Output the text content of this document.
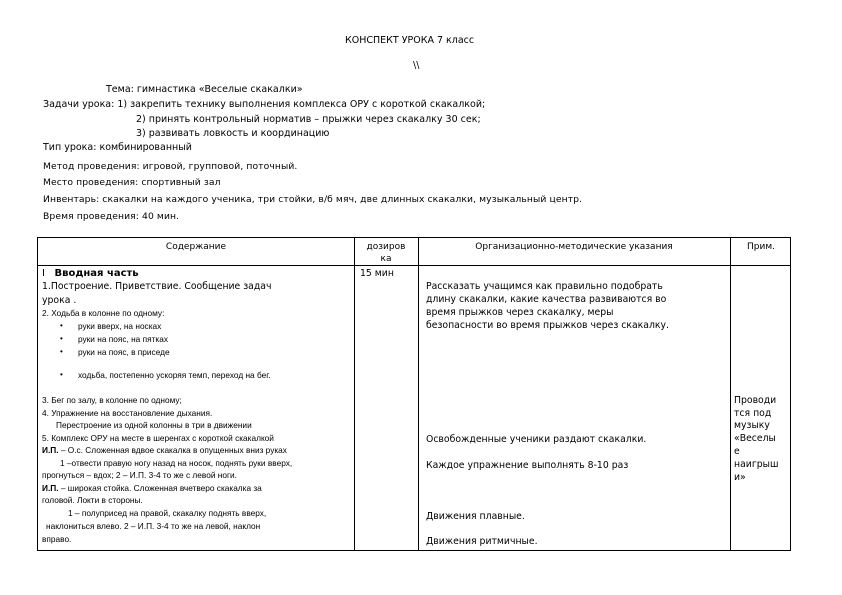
КОНСПЕКТ УРОКА 7 класс
\\
Тема: гимнастика «Веселые скакалки»
Задачи урока: 1) закрепить технику выполнения комплекса ОРУ с короткой скакалкой;
2) принять контрольный норматив – прыжки через скакалку 30 сек;
3) развивать ловкость и координацию
Тип урока: комбинированный
Метод проведения: игровой, групповой, поточный.
Место проведения: спортивный зал
Инвентарь: скакалки на каждого ученика, три стойки, в/б мяч, две длинных скакалки, музыкальный центр.
Время проведения: 40 мин.
Содержание	дозиров
ка
Организационно-методические указания	Прим.
I Вводная часть
1.Построение. Приветствие. Сообщение задач
урока .
2. Ходьба в колонне по одному:
• руки вверх, на носках
• руки на пояс, на пятках
• руки на пояс, в приседе
• ходьба, постепенно ускоряя темп, переход на бег.
3. Бег по залу, в колонне по одному;
4. Упражнение на восстановление дыхания.
Перестроение из одной колонны в три в движении
5. Комплекс ОРУ на месте в шеренгах с короткой скакалкой
И.П. – О.с. Сложенная вдвое скакалка в опущенных вниз руках
1 –отвести правую ногу назад на носок, поднять руки вверх,
прогнуться – вдох; 2 – И.П. 3-4 то же с левой ноги.
И.П. – широкая стойка. Сложенная вчетверо скакалка за
головой. Локти в стороны.
1 – полуприсед на правой, скакалку поднять вверх,
наклониться влево. 2 – И.П. 3-4 то же на левой, наклон
вправо.
15 мин
Рассказать учащимся как правильно подобрать
длину скакалки, какие качества развиваются во
время прыжков через скакалку, меры
безопасности во время прыжков через скакалку.
Освобожденные ученики раздают скакалки.
Каждое упражнение выполнять 8-10 раз
Движения плавные.
Движения ритмичные.
Проводи
тся под
музыку
«Веселы
е
наигрыш
и»
